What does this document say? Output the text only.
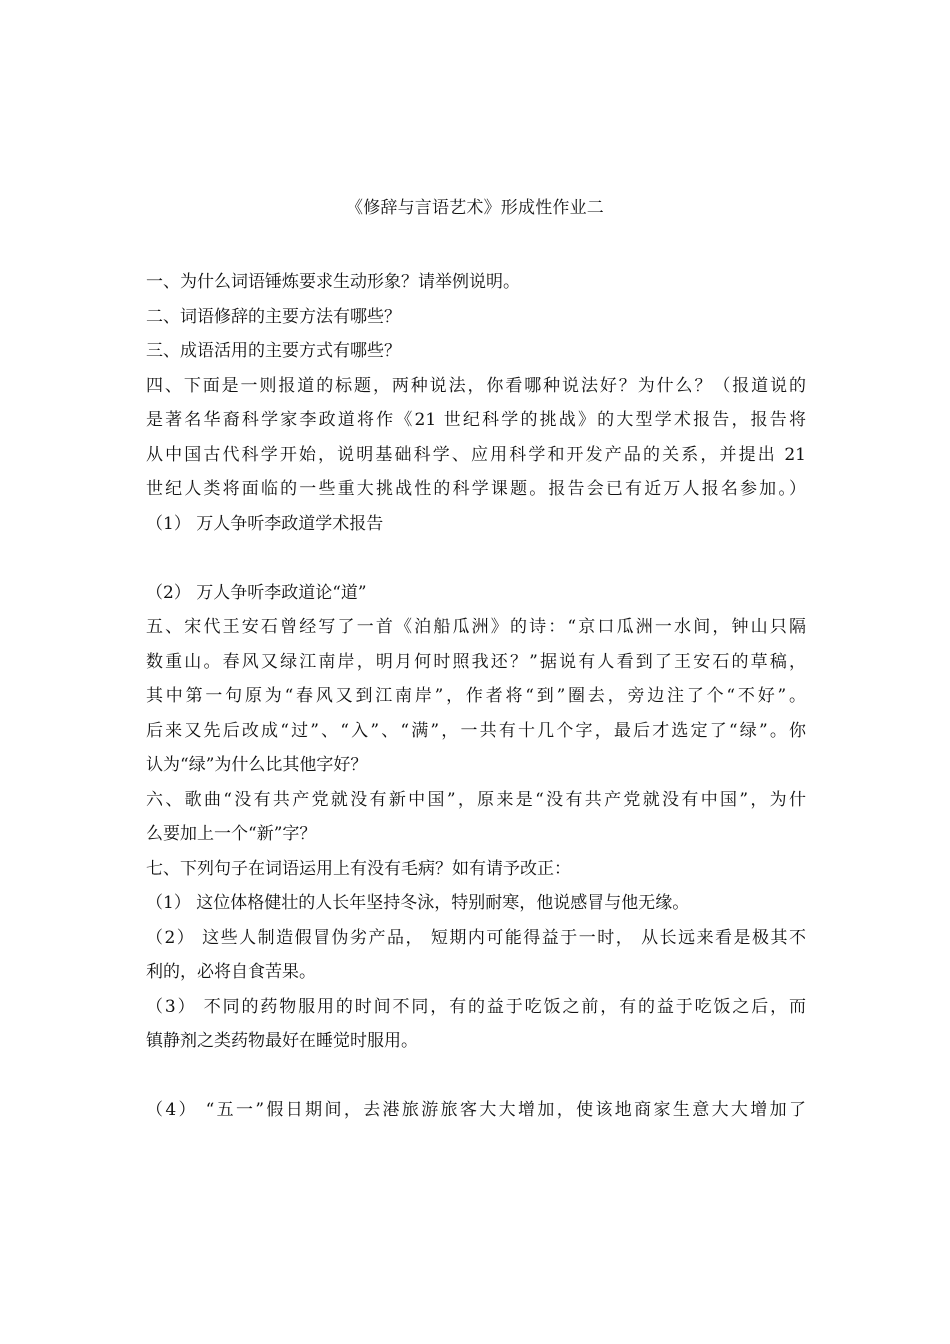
《修辞与言语艺术》形成性作业二
一、为什么词语锤炼要求生动形象？请举例说明。
二、词语修辞的主要方法有哪些？
三、成语活用的主要方式有哪些？
四、下面是一则报道的标题，两种说法，你看哪种说法好？为什么？（报道说的
是著名华裔科学家李政道将作《21 世纪科学的挑战》的大型学术报告，报告将
从中国古代科学开始，说明基础科学、应用科学和开发产品的关系，并提出 21
世纪人类将面临的一些重大挑战性的科学课题。报告会已有近万人报名参加。）
（1） 万人争听李政道学术报告
（2） 万人争听李政道论“道”
五、宋代王安石曾经写了一首《泊船瓜洲》的诗：“京口瓜洲一水间，钟山只隔
数重山。春风又绿江南岸，明月何时照我还？”据说有人看到了王安石的草稿，
其中第一句原为“春风又到江南岸”，作者将“到”圈去，旁边注了个“不好”。
后来又先后改成“过”、“入”、“满”，一共有十几个字，最后才选定了“绿”。你
认为“绿”为什么比其他字好？
六、歌曲“没有共产党就没有新中国”，原来是“没有共产党就没有中国”，为什
么要加上一个“新”字？
七、下列句子在词语运用上有没有毛病？如有请予改正：
（1） 这位体格健壮的人长年坚持冬泳，特别耐寒，他说感冒与他无缘。
（2） 这些人制造假冒伪劣产品， 短期内可能得益于一时， 从长远来看是极其不
利的，必将自食苦果。
（3） 不同的药物服用的时间不同，有的益于吃饭之前，有的益于吃饭之后，而
镇静剂之类药物最好在睡觉时服用。
（4） “五一”假日期间，去港旅游旅客大大增加，使该地商家生意大大增加了
